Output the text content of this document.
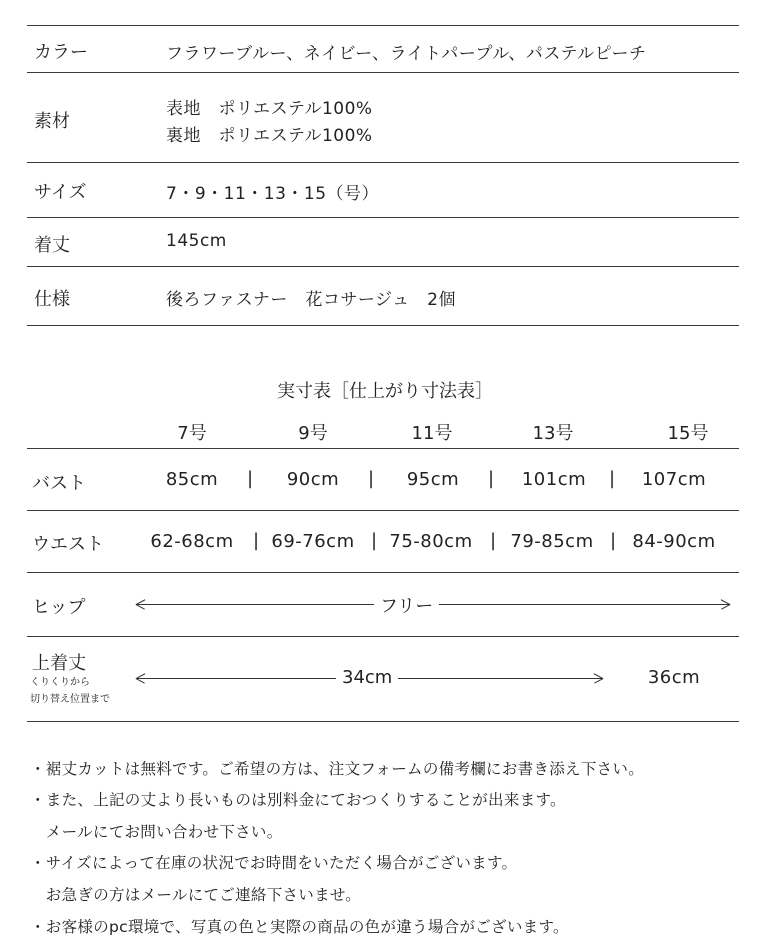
カラー	フラワーブルー、ネイビー、ライトパープル、パステルピーチ
素材
表地　ポリエステル100%
裏地　ポリエステル100%
サイズ	7・9・11・13・15（号）
着丈	145cm
仕様	後ろファスナー　花コサージュ　2個
実寸表［仕上がり寸法表］
7号	9号	11号	13号	15号
バスト	85cm	|	90cm	|	95cm	|	101cm	|	107cm
ウエスト	62-68cm	| 69-76cm | 75-80cm | 79-85cm | 84-90cm
ヒップ	フリー
上着丈
くりくりから
切り替え位置まで
34cm	36cm
・裾丈カットは無料です。ご希望の方は、注文フォームの備考欄にお書き添え下さい。
・また、上記の丈より長いものは別料金にておつくりすることが出来ます。
　メールにてお問い合わせ下さい。
・サイズによって在庫の状況でお時間をいただく場合がございます。
　お急ぎの方はメールにてご連絡下さいませ。
・お客様のpc環境で、写真の色と実際の商品の色が違う場合がございます。
